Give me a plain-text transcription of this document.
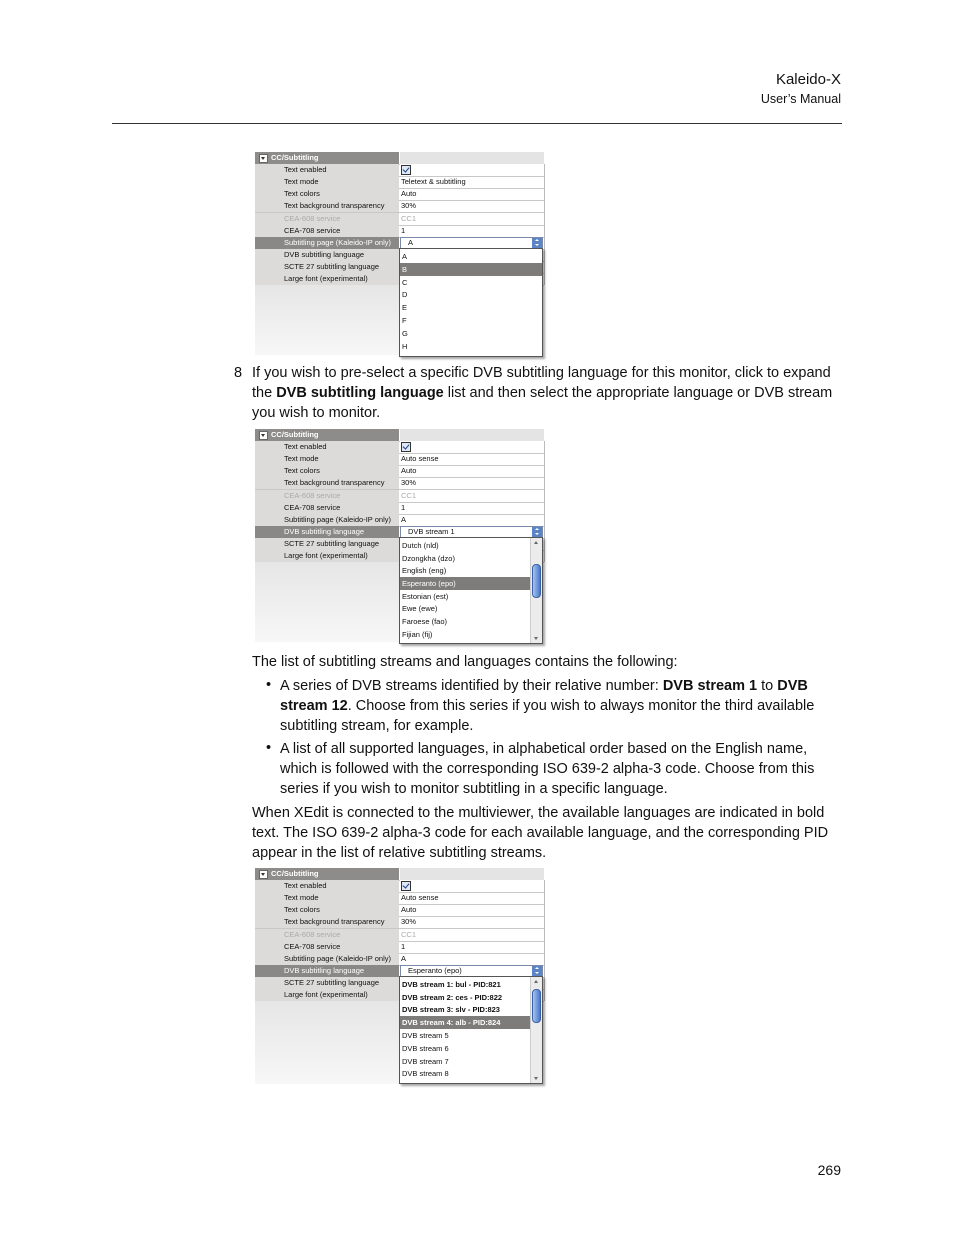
Kaleido-X
User’s Manual
CC/Subtitling
Text enabled
Text mode	Teletext & subtitling
Text colors	Auto
Text background transparency 30%
CEA-608 service	CC1
CEA-708 service	1
Subtitling page (Kaleido-IP only) A
DVB subtitling language
SCTE 27 subtitling language
Large font (experimental)
A
B
C
D
E
F
G
H
8 If you wish to pre-select a specific DVB subtitling language for this monitor, click to expand the DVB subtitling language list and then select the appropriate language or DVB stream you wish to monitor.
CC/Subtitling
Text enabled
Text mode	Auto sense
Text colors	Auto
Text background transparency 30%
CEA-608 service	CC1
CEA-708 service	1
Subtitling page (Kaleido-IP only) A
DVB subtitling language	DVB stream 1
SCTE 27 subtitling language
Large font (experimental)
Dutch (nld)
Dzongkha (dzo)
English (eng)
Esperanto (epo)
Estonian (est)
Ewe (ewe)
Faroese (fao)
Fijian (fij)
The list of subtitling streams and languages contains the following:
• A series of DVB streams identified by their relative number: DVB stream 1 to DVB stream 12. Choose from this series if you wish to always monitor the third available subtitling stream, for example.
• A list of all supported languages, in alphabetical order based on the English name, which is followed with the corresponding ISO 639-2 alpha-3 code. Choose from this series if you wish to monitor subtitling in a specific language.
When XEdit is connected to the multiviewer, the available languages are indicated in bold text. The ISO 639-2 alpha-3 code for each available language, and the corresponding PID appear in the list of relative subtitling streams.
CC/Subtitling
Text enabled
Text mode	Auto sense
Text colors	Auto
Text background transparency 30%
CEA-608 service	CC1
CEA-708 service	1
Subtitling page (Kaleido-IP only) A
DVB subtitling language	Esperanto (epo)
SCTE 27 subtitling language
Large font (experimental)
DVB stream 1: bul - PID:821
DVB stream 2: ces - PID:822
DVB stream 3: slv - PID:823
DVB stream 4: alb - PID:824
DVB stream 5
DVB stream 6
DVB stream 7
DVB stream 8
269
